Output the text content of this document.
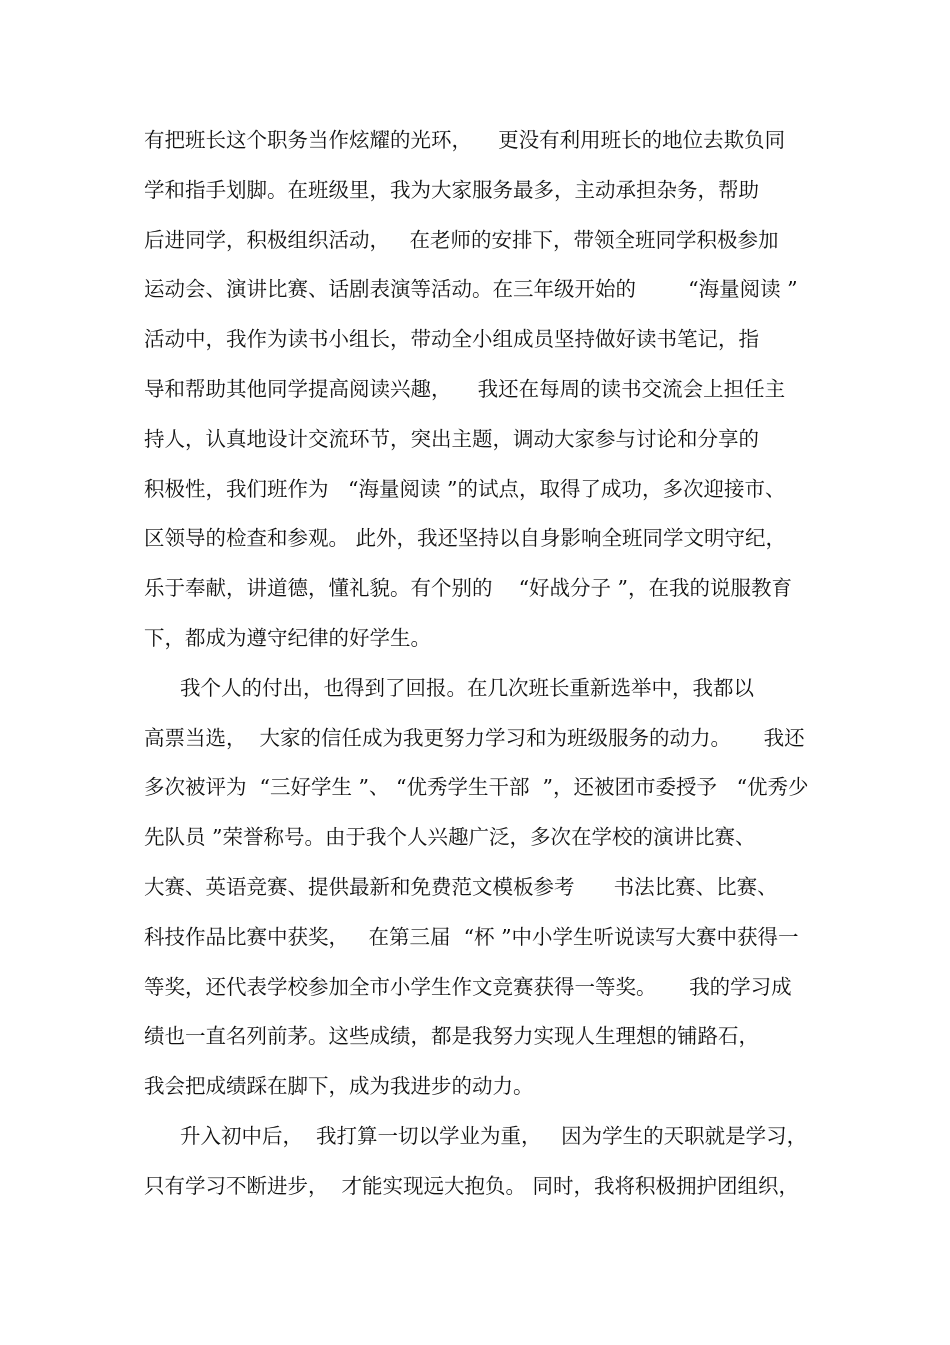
有把班长这个职务当作炫耀的光环，    更没有利用班长的地位去欺负同
学和指手划脚。在班级里，我为大家服务最多，主动承担杂务，帮助
后进同学，积极组织活动，   在老师的安排下，带领全班同学积极参加
运动会、演讲比赛、话剧表演等活动。在三年级开始的        “海量阅读 ”
活动中，我作为读书小组长，带动全小组成员坚持做好读书笔记，指
导和帮助其他同学提高阅读兴趣，    我还在每周的读书交流会上担任主
持人，认真地设计交流环节，突出主题，调动大家参与讨论和分享的
积极性，我们班作为   “海量阅读 ”的试点，取得了成功，多次迎接市、
区领导的检查和参观。 此外，我还坚持以自身影响全班同学文明守纪，
乐于奉献，讲道德，懂礼貌。有个别的    “好战分子 ”，在我的说服教育
下，都成为遵守纪律的好学生。
我个人的付出，也得到了回报。在几次班长重新选举中，我都以
高票当选，  大家的信任成为我更努力学习和为班级服务的动力。     我还
多次被评为  “三好学生 ”、 “优秀学生干部  ”，还被团市委授予   “优秀少
先队员 ”荣誉称号。由于我个人兴趣广泛，多次在学校的演讲比赛、
大赛、英语竞赛、提供最新和免费范文模板参考      书法比赛、比赛、
科技作品比赛中获奖，   在第三届  “杯 ”中小学生听说读写大赛中获得一
等奖，还代表学校参加全市小学生作文竞赛获得一等奖。     我的学习成
绩也一直名列前茅。这些成绩，都是我努力实现人生理想的铺路石，
我会把成绩踩在脚下，成为我进步的动力。
升入初中后，  我打算一切以学业为重，   因为学生的天职就是学习，
只有学习不断进步，  才能实现远大抱负。 同时，我将积极拥护团组织，
